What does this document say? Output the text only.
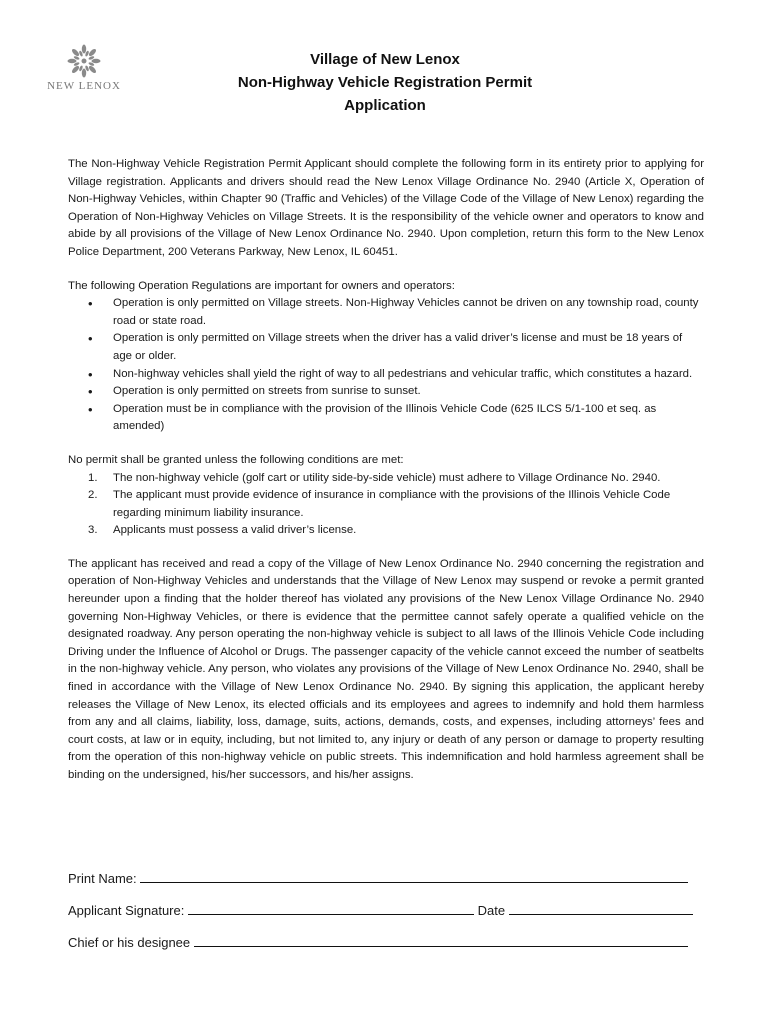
NEW LENOX
Village of New Lenox
Non-Highway Vehicle Registration Permit
Application

The Non-Highway Vehicle Registration Permit Applicant should complete the following form in its entirety prior to applying for Village registration. Applicants and drivers should read the New Lenox Village Ordinance No. 2940 (Article X, Operation of Non-Highway Vehicles, within Chapter 90 (Traffic and Vehicles) of the Village Code of the Village of New Lenox) regarding the Operation of Non-Highway Vehicles on Village Streets. It is the responsibility of the vehicle owner and operators to know and abide by all provisions of the Village of New Lenox Ordinance No. 2940. Upon completion, return this form to the New Lenox Police Department, 200 Veterans Parkway, New Lenox, IL 60451.

The following Operation Regulations are important for owners and operators:

• Operation is only permitted on Village streets. Non-Highway Vehicles cannot be driven on any township road, county road or state road.
• Operation is only permitted on Village streets when the driver has a valid driver’s license and must be 18 years of age or older.
• Non-highway vehicles shall yield the right of way to all pedestrians and vehicular traffic, which constitutes a hazard.
• Operation is only permitted on streets from sunrise to sunset.
• Operation must be in compliance with the provision of the Illinois Vehicle Code (625 ILCS 5/1-100 et seq. as amended)

No permit shall be granted unless the following conditions are met:

1. The non-highway vehicle (golf cart or utility side-by-side vehicle) must adhere to Village Ordinance No. 2940.
2. The applicant must provide evidence of insurance in compliance with the provisions of the Illinois Vehicle Code regarding minimum liability insurance.
3. Applicants must possess a valid driver’s license.

The applicant has received and read a copy of the Village of New Lenox Ordinance No. 2940 concerning the registration and operation of Non-Highway Vehicles and understands that the Village of New Lenox may suspend or revoke a permit granted hereunder upon a finding that the holder thereof has violated any provisions of the New Lenox Village Ordinance No. 2940 governing Non-Highway Vehicles, or there is evidence that the permittee cannot safely operate a qualified vehicle on the designated roadway. Any person operating the non-highway vehicle is subject to all laws of the Illinois Vehicle Code including Driving under the Influence of Alcohol or Drugs. The passenger capacity of the vehicle cannot exceed the number of seatbelts in the non-highway vehicle. Any person, who violates any provisions of the Village of New Lenox Ordinance No. 2940, shall be fined in accordance with the Village of New Lenox Ordinance No. 2940. By signing this application, the applicant hereby releases the Village of New Lenox, its elected officials and its employees and agrees to indemnify and hold them harmless from any and all claims, liability, loss, damage, suits, actions, demands, costs, and expenses, including attorneys’ fees and court costs, at law or in equity, including, but not limited to, any injury or death of any person or damage to property resulting from the operation of this non-highway vehicle on public streets. This indemnification and hold harmless agreement shall be binding on the undersigned, his/her successors, and his/her assigns.

Print Name:
Applicant Signature:	Date
Chief or his designee
